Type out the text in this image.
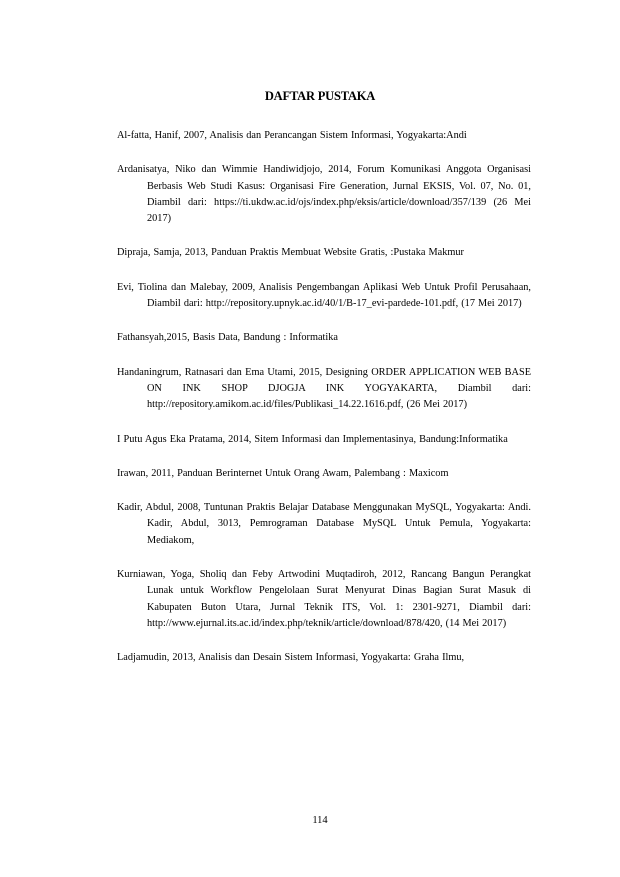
DAFTAR PUSTAKA
Al-fatta, Hanif, 2007, Analisis dan Perancangan Sistem Informasi, Yogyakarta:Andi
Ardanisatya, Niko dan Wimmie Handiwidjojo, 2014, Forum Komunikasi Anggota Organisasi Berbasis Web Studi Kasus: Organisasi Fire Generation, Jurnal EKSIS, Vol. 07, No. 01, Diambil dari: https://ti.ukdw.ac.id/ojs/index.php/eksis/article/download/357/139 (26 Mei 2017)
Dipraja, Samja, 2013, Panduan Praktis Membuat Website Gratis, :Pustaka Makmur
Evi, Tiolina dan Malebay, 2009, Analisis Pengembangan Aplikasi Web Untuk Profil Perusahaan, Diambil dari: http://repository.upnyk.ac.id/40/1/B-17_evi-pardede-101.pdf, (17 Mei 2017)
Fathansyah,2015, Basis Data, Bandung : Informatika
Handaningrum, Ratnasari dan Ema Utami, 2015, Designing ORDER APPLICATION WEB BASE ON INK SHOP DJOGJA INK YOGYAKARTA, Diambil dari: http://repository.amikom.ac.id/files/Publikasi_14.22.1616.pdf, (26 Mei 2017)
I Putu Agus Eka Pratama, 2014, Sitem Informasi dan Implementasinya, Bandung:Informatika
Irawan, 2011, Panduan Berinternet Untuk Orang Awam, Palembang : Maxicom
Kadir, Abdul, 2008, Tuntunan Praktis Belajar Database Menggunakan MySQL, Yogyakarta: Andi. Kadir, Abdul, 3013, Pemrograman Database MySQL Untuk Pemula, Yogyakarta: Mediakom,
Kurniawan, Yoga, Sholiq dan Feby Artwodini Muqtadiroh, 2012, Rancang Bangun Perangkat Lunak untuk Workflow Pengelolaan Surat Menyurat Dinas Bagian Surat Masuk di Kabupaten Buton Utara, Jurnal Teknik ITS, Vol. 1: 2301-9271, Diambil dari: http://www.ejurnal.its.ac.id/index.php/teknik/article/download/878/420, (14 Mei 2017)
Ladjamudin, 2013, Analisis dan Desain Sistem Informasi, Yogyakarta: Graha Ilmu,
114
